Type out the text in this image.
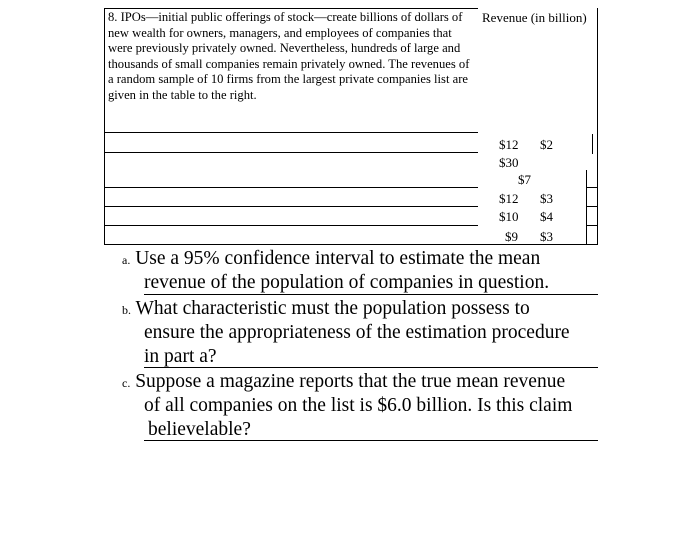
8. IPOs—initial public offerings of stock—create billions of dollars of new wealth for owners, managers, and employees of companies that were previously privately owned. Nevertheless, hundreds of large and thousands of small companies remain privately owned. The revenues of a random sample of 10 firms from the largest private companies list are given in the table to the right.
Revenue (in billion)
$12 $2
$30
$7
$12 $3
$10 $4
$9 $3
a. Use a 95% confidence interval to estimate the mean
revenue of the population of companies in question.
b. What characteristic must the population possess to
ensure the appropriateness of the estimation procedure
in part a?
c. Suppose a magazine reports that the true mean revenue
of all companies on the list is $6.0 billion. Is this claim
believelable?
